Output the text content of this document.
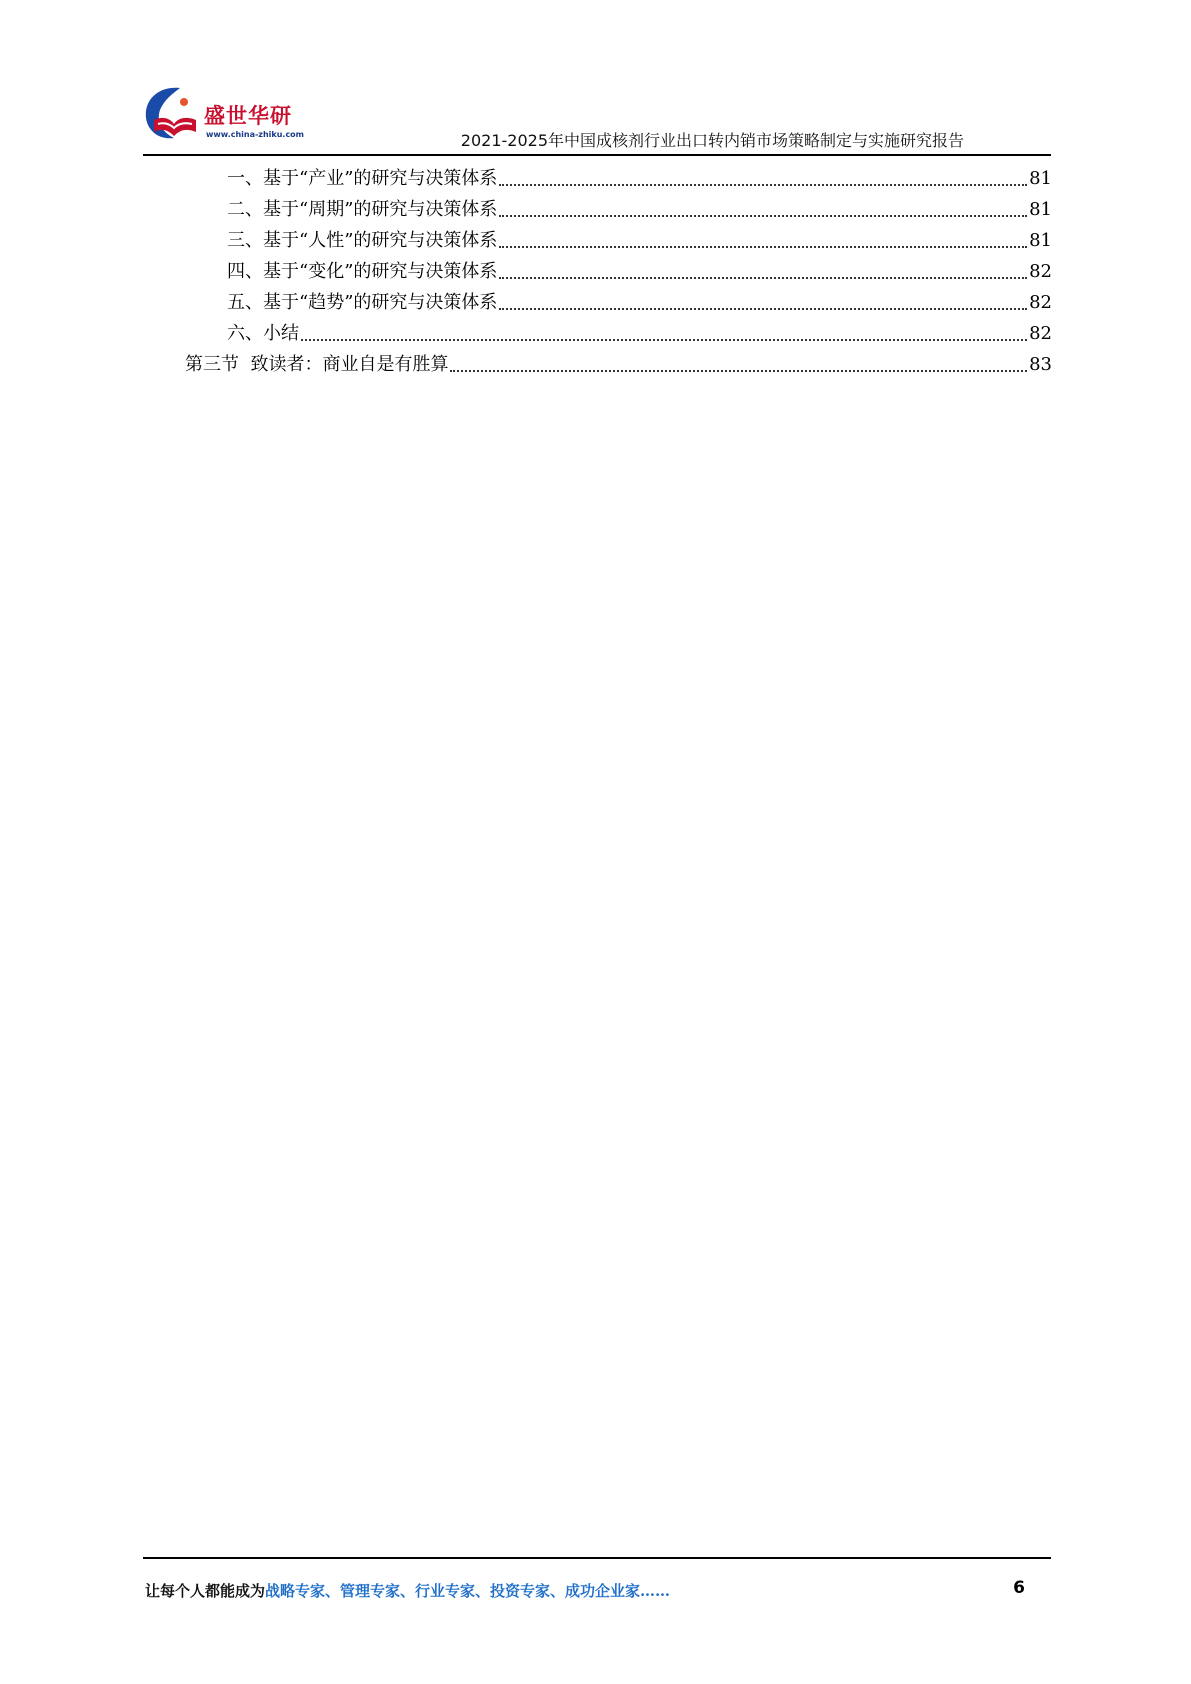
盛世华研
www.china-zhiku.com	2021-2025年中国成核剂行业出口转内销市场策略制定与实施研究报告
一、基于“产业”的研究与决策体系	81
二、基于“周期”的研究与决策体系	81
三、基于“人性”的研究与决策体系	81
四、基于“变化”的研究与决策体系	82
五、基于“趋势”的研究与决策体系	82
六、小结	82
第三节  致读者：商业自是有胜算	83
让每个人都能成为战略专家、管理专家、行业专家、投资专家、成功企业家……	6
